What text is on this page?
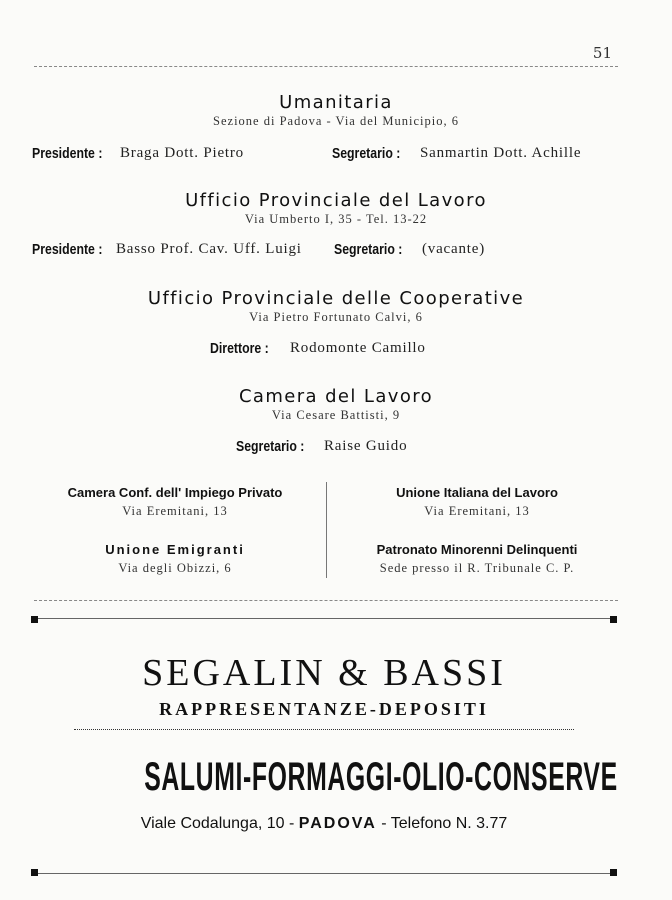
51
Umanitaria
Sezione di Padova - Via del Municipio, 6
Presidente : Braga Dott. Pietro	Segretario : Sanmartin Dott. Achille
Ufficio Provinciale del Lavoro
Via Umberto I, 35 - Tel. 13-22
Presidente : Basso Prof. Cav. Uff. Luigi Segretario : (vacante)
Ufficio Provinciale delle Cooperative
Via Pietro Fortunato Calvi, 6
Direttore : Rodomonte Camillo
Camera del Lavoro
Via Cesare Battisti, 9
Segretario : Raise Guido
Camera Conf. dell' Impiego Privato
Via Eremitani, 13
Unione Italiana del Lavoro
Via Eremitani, 13
Unione Emigranti
Via degli Obizzi, 6
Patronato Minorenni Delinquenti
Sede presso il R. Tribunale C. P.
SEGALIN & BASSI
RAPPRESENTANZE-DEPOSITI
SALUMI-FORMAGGI-OLIO-CONSERVE
Viale Codalunga, 10 - PADOVA - Telefono N. 3.77
